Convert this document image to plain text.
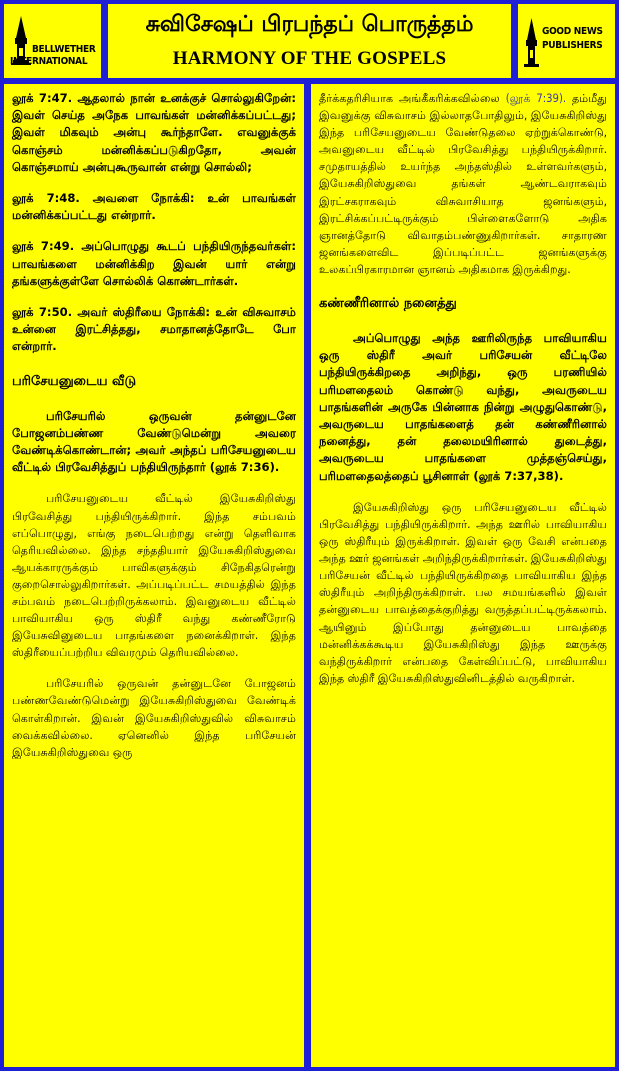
BELLWETHER
INTERNATIONAL
சுவிசேஷப் பிரபந்தப் பொருத்தம்
HARMONY OF THE GOSPELS
GOOD NEWS
PUBLISHERS

லூக் 7:47. ஆதலால் நான் உனக்குச் சொல்லுகிறேன்: இவள் செய்த அநேக பாவங்கள் மன்னிக்கப்பட்டது; இவள் மிகவும் அன்பு கூர்ந்தாளே. எவனுக்குக் கொஞ்சம் மன்னிக்கப்படுகிறதோ, அவன் கொஞ்சமாய் அன்புகூருவான் என்று சொல்லி;

லூக் 7:48. அவளை நோக்கி: உன் பாவங்கள் மன்னிக்கப்பட்டது என்றார்.

லூக் 7:49. அப்பொழுது கூடப் பந்தியிருந்தவர்கள்: பாவங்களை மன்னிக்கிற இவன் யார் என்று தங்களுக்குள்ளே சொல்லிக் கொண்டார்கள்.

லூக் 7:50. அவர் ஸ்திரீயை நோக்கி: உன் விசுவாசம் உன்னை இரட்சித்தது, சமாதானத்தோடே போ என்றார்.

பரிசேயனுடைய வீடு

பரிசேயரில் ஒருவன் தன்னுடனே போஜனம்பண்ண வேண்டுமென்று அவரை வேண்டிக்கொண்டான்; அவர் அந்தப் பரிசேயனுடைய வீட்டில் பிரவேசித்துப் பந்தியிருந்தார் (லூக் 7:36).

பரிசேயனுடைய வீட்டில் இயேசுகிறிஸ்து பிரவேசித்து பந்தியிருக்கிறார். இந்த சம்பவம் எப்பொழுது, எங்கு நடைபெற்றது என்று தெளிவாக தெரியவில்லை. இந்த சந்ததியார் இயேசுகிறிஸ்துவை ஆயக்காரருக்கும் பாவிகளுக்கும் சிநேகிதரென்று குறைசொல்லுகிறார்கள். அப்படிப்பட்ட சமயத்தில் இந்த சம்பவம் நடைபெற்றிருக்கலாம். இவனுடைய வீட்டில் பாவியாகிய ஒரு ஸ்திரீ வந்து கண்ணீரோடு இயேசுவினுடைய பாதங்களை நனைக்கிறாள். இந்த ஸ்திரீயைப்பற்றிய விவரமும் தெரியவில்லை.

பரிசேயரில் ஒருவன் தன்னுடனே போஜனம் பண்ணவேண்டுமென்று இயேசுகிறிஸ்துவை வேண்டிக் கொள்கிறான். இவன் இயேசுகிறிஸ்துவில் விசுவாசம் வைக்கவில்லை. ஏனெனில் இந்த பரிசேயன் இயேசுகிறிஸ்துவை ஒரு

தீர்க்கதரிசியாக அங்கீகரிக்கவில்லை (லூக் 7:39). தம்மீது இவனுக்கு விசுவாசம் இல்லாதபோதிலும், இயேசுகிறிஸ்து இந்த பரிசேயனுடைய வேண்டுதலை ஏற்றுக்கொண்டு, அவனுடைய வீட்டில் பிரவேசித்து பந்தியிருக்கிறார். சமுதாயத்தில் உயர்ந்த அந்தஸ்தில் உள்ளவர்களும், இயேசுகிறிஸ்துவை தங்கள் ஆண்டவராகவும் இரட்சகராகவும் விசுவாசியாத ஜனங்களும், இரட்சிக்கப்பட்டிருக்கும் பிள்ளைகளோடு அதிக ஞானத்தோடு விவாதம்பண்ணுகிறார்கள். சாதாரண ஜனங்களைவிட இப்படிப்பட்ட ஜனங்களுக்கு உலகப்பிரகாரமான ஞானம் அதிகமாக இருக்கிறது.

கண்ணீரினால் நனைத்து

அப்பொழுது அந்த ஊரிலிருந்த பாவியாகிய ஒரு ஸ்திரீ அவர் பரிசேயன் வீட்டிலே பந்தியிருக்கிறதை அறிந்து, ஒரு பரணியில் பரிமளதைலம் கொண்டு வந்து, அவருடைய பாதங்களின் அருகே பின்னாக நின்று அழுதுகொண்டு, அவருடைய பாதங்களைத் தன் கண்ணீரினால் நனைத்து, தன் தலைமயிரினால் துடைத்து, அவருடைய பாதங்களை முத்தஞ்செய்து, பரிமளதைலத்தைப் பூசினாள் (லூக் 7:37,38).

இயேசுகிறிஸ்து ஒரு பரிசேயனுடைய வீட்டில் பிரவேசித்து பந்தியிருக்கிறார். அந்த ஊரில் பாவியாகிய ஒரு ஸ்திரீயும் இருக்கிறாள். இவள் ஒரு வேசி என்பதை அந்த ஊர் ஜனங்கள் அறிந்திருக்கிறார்கள். இயேசுகிறிஸ்து பரிசேயன் வீட்டில் பந்தியிருக்கிறதை பாவியாகிய இந்த ஸ்திரீயும் அறிந்திருக்கிறாள். பல சமயங்களில் இவள் தன்னுடைய பாவத்தைக்குறித்து வருத்தப்பட்டிருக்கலாம். ஆயினும் இப்போது தன்னுடைய பாவத்தை மன்னிக்கக்கூடிய இயேசுகிறிஸ்து இந்த ஊருக்கு வந்திருக்கிறார் என்பதை கேள்விப்பட்டு, பாவியாகிய இந்த ஸ்திரீ இயேசுகிறிஸ்துவினிடத்தில் வருகிறாள்.
